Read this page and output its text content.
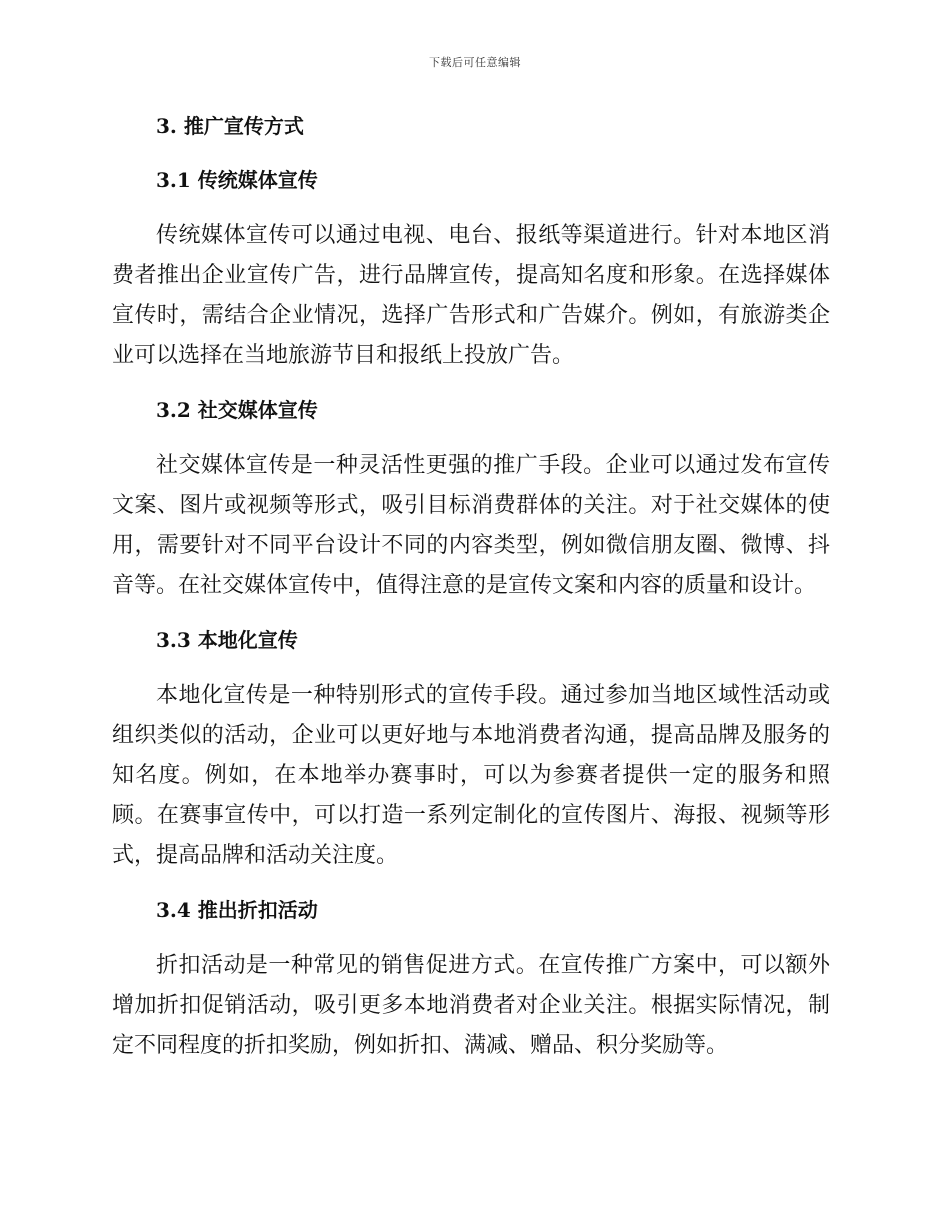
下载后可任意编辑
3. 推广宣传方式
3.1 传统媒体宣传

传统媒体宣传可以通过电视、电台、报纸等渠道进行。针对本地区消费者推出企业宣传广告，进行品牌宣传，提高知名度和形象。在选择媒体宣传时，需结合企业情况，选择广告形式和广告媒介。例如，有旅游类企业可以选择在当地旅游节目和报纸上投放广告。

3.2 社交媒体宣传

社交媒体宣传是一种灵活性更强的推广手段。企业可以通过发布宣传文案、图片或视频等形式，吸引目标消费群体的关注。对于社交媒体的使用，需要针对不同平台设计不同的内容类型，例如微信朋友圈、微博、抖音等。在社交媒体宣传中，值得注意的是宣传文案和内容的质量和设计。

3.3 本地化宣传

本地化宣传是一种特别形式的宣传手段。通过参加当地区域性活动或组织类似的活动，企业可以更好地与本地消费者沟通，提高品牌及服务的知名度。例如，在本地举办赛事时，可以为参赛者提供一定的服务和照顾。在赛事宣传中，可以打造一系列定制化的宣传图片、海报、视频等形式，提高品牌和活动关注度。

3.4 推出折扣活动

折扣活动是一种常见的销售促进方式。在宣传推广方案中，可以额外增加折扣促销活动，吸引更多本地消费者对企业关注。根据实际情况，制定不同程度的折扣奖励，例如折扣、满减、赠品、积分奖励等。
